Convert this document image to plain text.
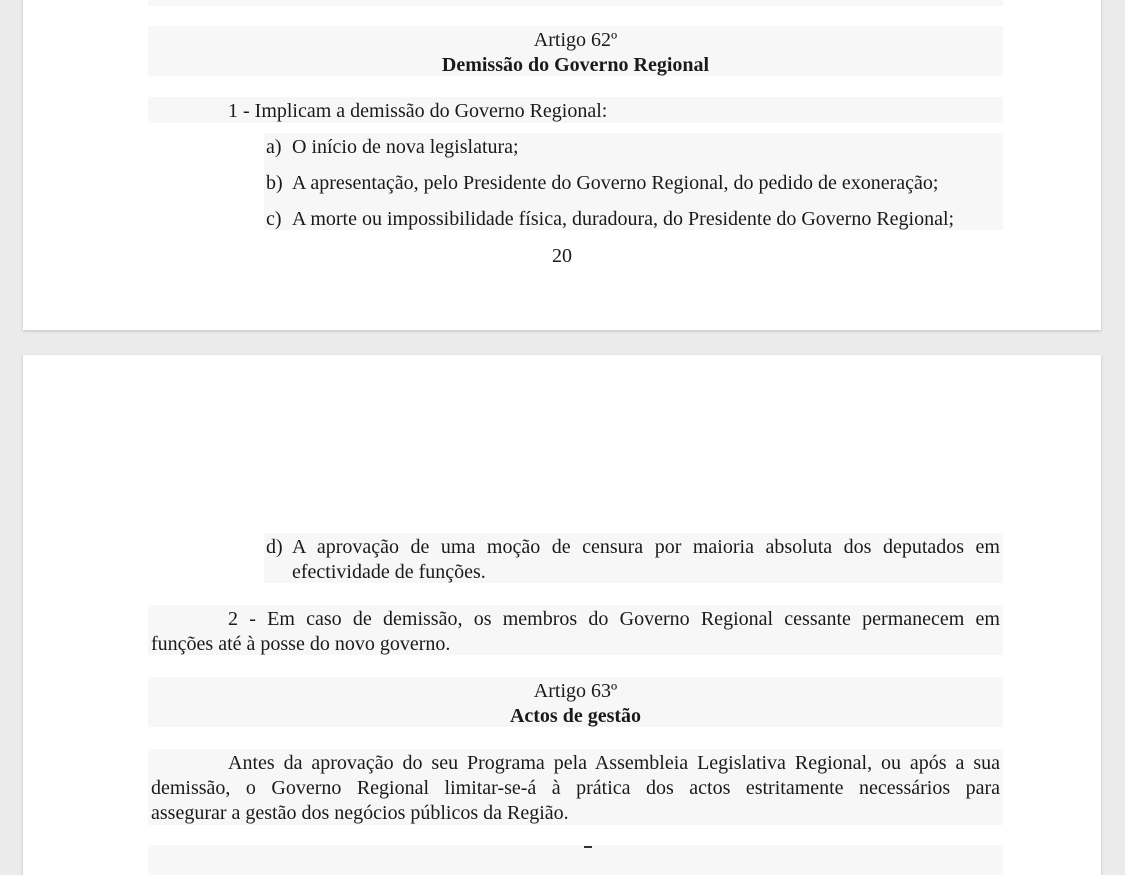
Artigo 62º
Demissão do Governo Regional
1 - Implicam a demissão do Governo Regional:
a) O início de nova legislatura;
b) A apresentação, pelo Presidente do Governo Regional, do pedido de exoneração;
c) A morte ou impossibilidade física, duradoura, do Presidente do Governo Regional;
20
d) A aprovação de uma moção de censura por maioria absoluta dos deputados em
efectividade de funções.
2 - Em caso de demissão, os membros do Governo Regional cessante permanecem em
funções até à posse do novo governo.
Artigo 63º
Actos de gestão
Antes da aprovação do seu Programa pela Assembleia Legislativa Regional, ou após a sua
demissão, o Governo Regional limitar-se-á à prática dos actos estritamente necessários para
assegurar a gestão dos negócios públicos da Região.
